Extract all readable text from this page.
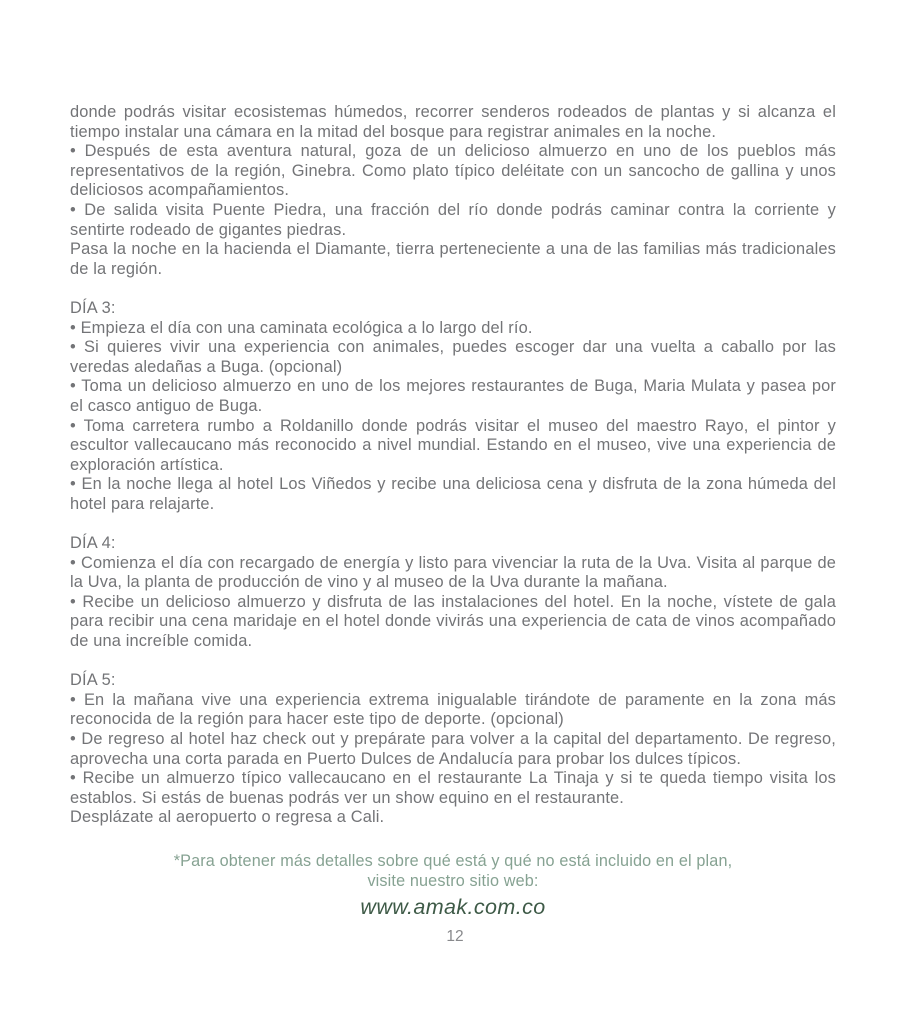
donde podrás visitar ecosistemas húmedos, recorrer senderos rodeados de plantas y si alcanza el tiempo instalar una cámara en la mitad del bosque para registrar animales en la noche.

• Después de esta aventura natural, goza de un delicioso almuerzo en uno de los pueblos más representativos de la región, Ginebra. Como plato típico deléitate con un sancocho de gallina y unos deliciosos acompañamientos.

• De salida visita Puente Piedra, una fracción del río donde podrás caminar contra la corriente y sentirte rodeado de gigantes piedras.

Pasa la noche en la hacienda el Diamante, tierra perteneciente a una de las familias más tradicionales de la región.

DÍA 3:

• Empieza el día con una caminata ecológica a lo largo del río.

• Si quieres vivir una experiencia con animales, puedes escoger dar una vuelta a caballo por las veredas aledañas a Buga. (opcional)

• Toma un delicioso almuerzo en uno de los mejores restaurantes de Buga, Maria Mulata y pasea por el casco antiguo de Buga.

• Toma carretera rumbo a Roldanillo donde podrás visitar el museo del maestro Rayo, el pintor y escultor vallecaucano más reconocido a nivel mundial. Estando en el museo, vive una experiencia de exploración artística.

• En la noche llega al hotel Los Viñedos y recibe una deliciosa cena y disfruta de la zona húmeda del hotel para relajarte.

DÍA 4:

• Comienza el día con recargado de energía y listo para vivenciar la ruta de la Uva. Visita al parque de la Uva, la planta de producción de vino y al museo de la Uva durante la mañana.

• Recibe un delicioso almuerzo y disfruta de las instalaciones del hotel. En la noche, vístete de gala para recibir una cena maridaje en el hotel donde vivirás una experiencia de cata de vinos acompañado de una increíble comida.

DÍA 5:

• En la mañana vive una experiencia extrema inigualable tirándote de paramente en la zona más reconocida de la región para hacer este tipo de deporte. (opcional)

• De regreso al hotel haz check out y prepárate para volver a la capital del departamento. De regreso, aprovecha una corta parada en Puerto Dulces de Andalucía para probar los dulces típicos.

• Recibe un almuerzo típico vallecaucano en el restaurante La Tinaja y si te queda tiempo visita los establos. Si estás de buenas podrás ver un show equino en el restaurante.

Desplázate al aeropuerto o regresa a Cali.

*Para obtener más detalles sobre qué está y qué no está incluido en el plan,
visite nuestro sitio web:
www.amak.com.co
12
